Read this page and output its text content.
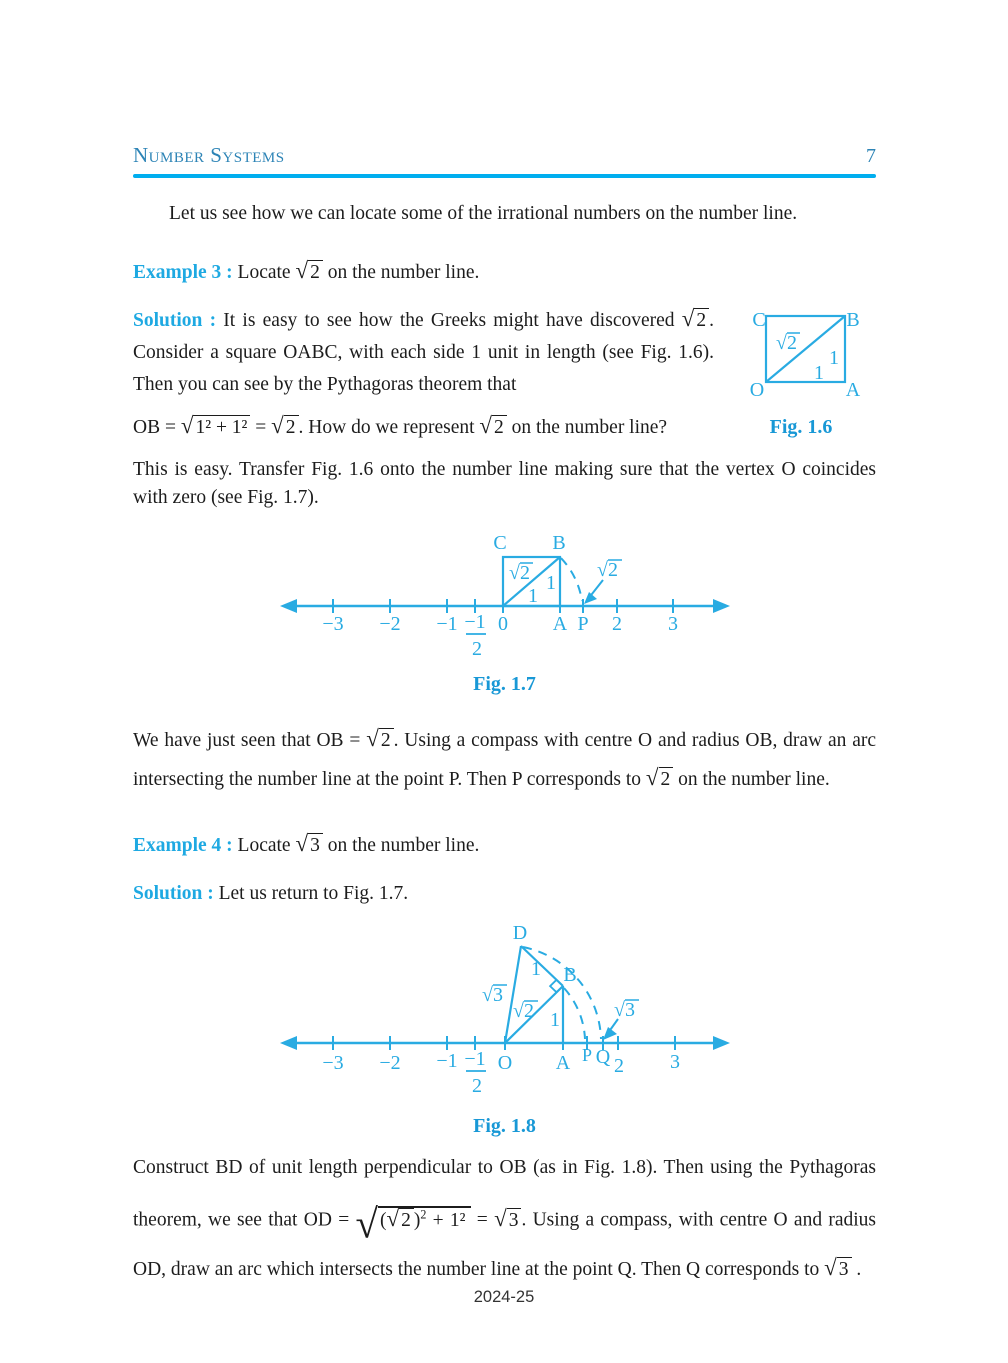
Number Systems	7

Let us see how we can locate some of the irrational numbers on the number line.

Example 3 : Locate √ 2 on the number line.

C	B
O	A
√2
1
1
Fig. 1.6

Solution : It is easy to see how the Greeks might have discovered √ 2 . Consider a square OABC, with each side 1 unit in length (see Fig. 1.6). Then you can see by the Pythagoras theorem that

OB = √ 1² + 1² = √ 2 . How do we represent √ 2 on the number line?

This is easy. Transfer Fig. 1.6 onto the number line making sure that the vertex O coincides with zero (see Fig. 1.7).

C B
√2 1
1
√2
−3 −2 −1 −1
2
0 A P 2 3
Fig. 1.7

We have just seen that OB = √ 2 . Using a compass with centre O and radius OB, draw an arc intersecting the number line at the point P. Then P corresponds to √ 2 on the number line.

Example 4 : Locate √ 3 on the number line.

Solution : Let us return to Fig. 1.7.

D
B
√3
1
√2 1	√3
−3 −2 −1 −1
2
O A P Q 2 3
Fig. 1.8

Construct BD of unit length perpendicular to OB (as in Fig. 1.8). Then using the Pythagoras theorem, we see that OD = √ (√ 2 )$^2$ + 1² = √ 3 . Using a compass, with centre O and radius OD, draw an arc which intersects the number line at the point Q. Then Q corresponds to √ 3 .

2024-25
